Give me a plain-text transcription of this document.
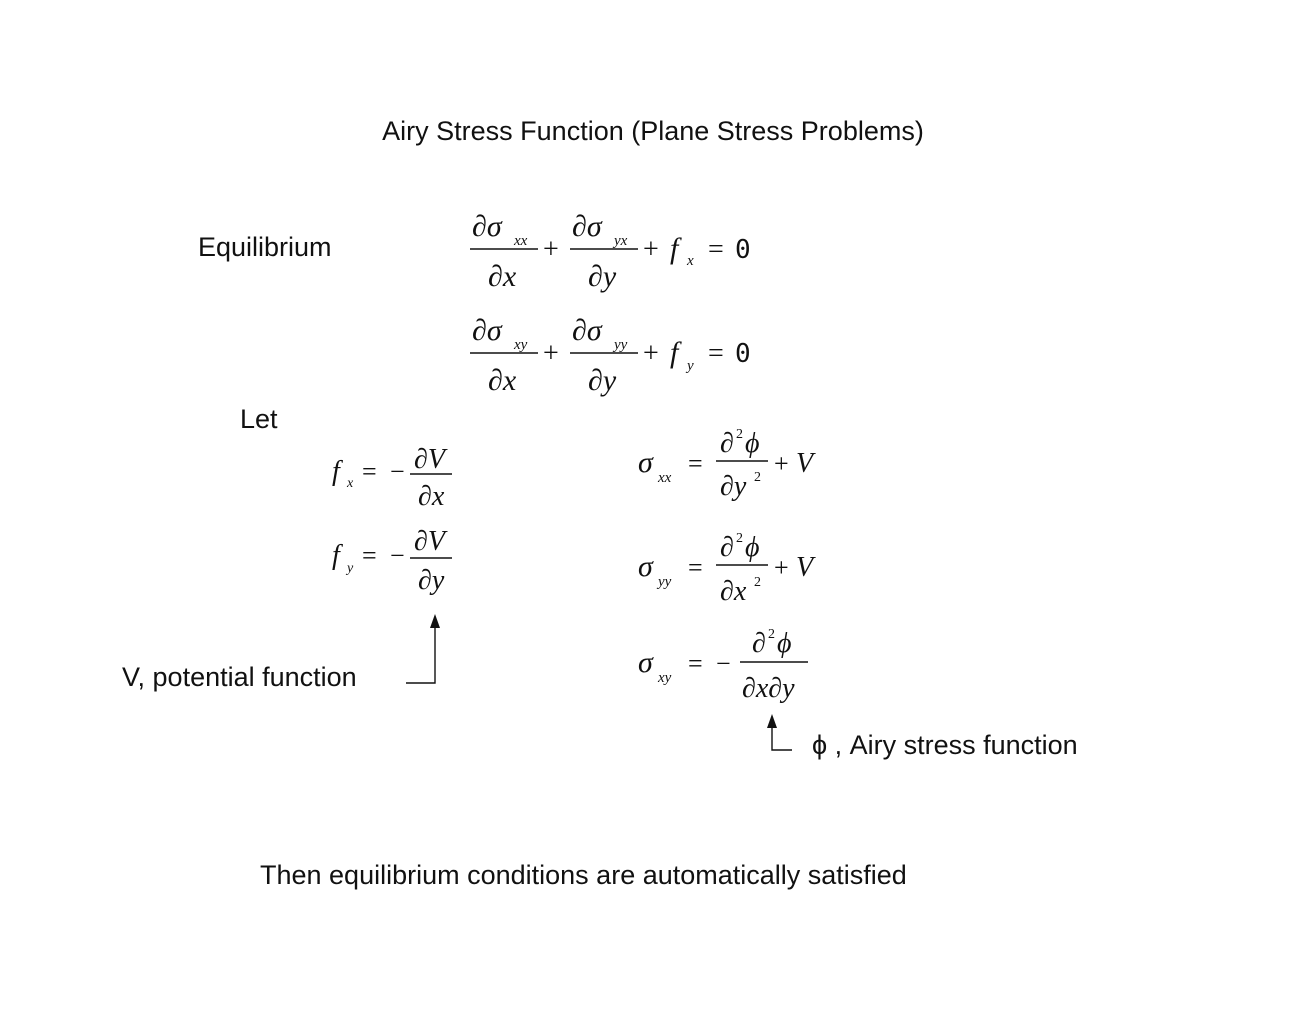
Airy Stress Function (Plane Stress Problems)
Equilibrium
Let
V, potential function
ϕ , Airy stress function
Then equilibrium conditions are automatically satisfied
∂σ xx
∂x
+
∂σ yx
∂y
+ f x = 0
∂σ xy
∂x
+
∂σ yy
∂y
+ f y = 0
f x = − ∂V
∂x
f y = − ∂V
∂y
σ xx =
∂ 2 ϕ
∂y 2 + V
σ yy =
∂ 2 ϕ
∂x 2
+ V
σ xy = −
∂ 2 ϕ
∂x∂y
